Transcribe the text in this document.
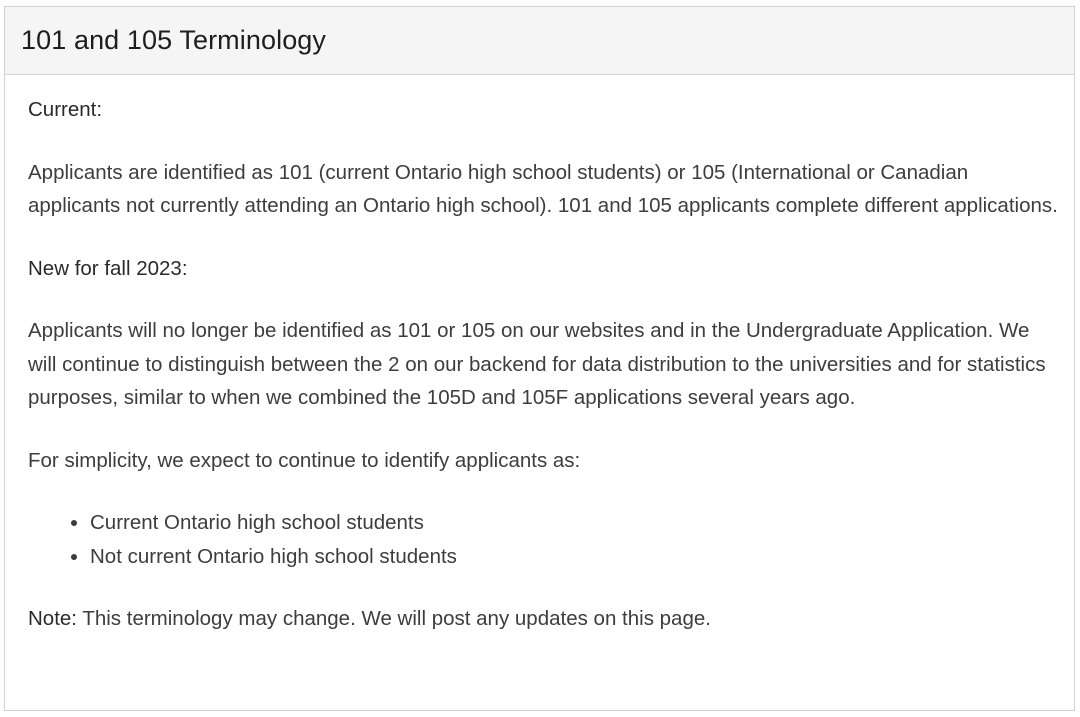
101 and 105 Terminology

Current:

Applicants are identified as 101 (current Ontario high school students) or 105 (International or Canadian applicants not currently attending an Ontario high school). 101 and 105 applicants complete different applications.

New for fall 2023:

Applicants will no longer be identified as 101 or 105 on our websites and in the Undergraduate Application. We will continue to distinguish between the 2 on our backend for data distribution to the universities and for statistics purposes, similar to when we combined the 105D and 105F applications several years ago.

For simplicity, we expect to continue to identify applicants as:

• Current Ontario high school students
• Not current Ontario high school students

Note: This terminology may change. We will post any updates on this page.
